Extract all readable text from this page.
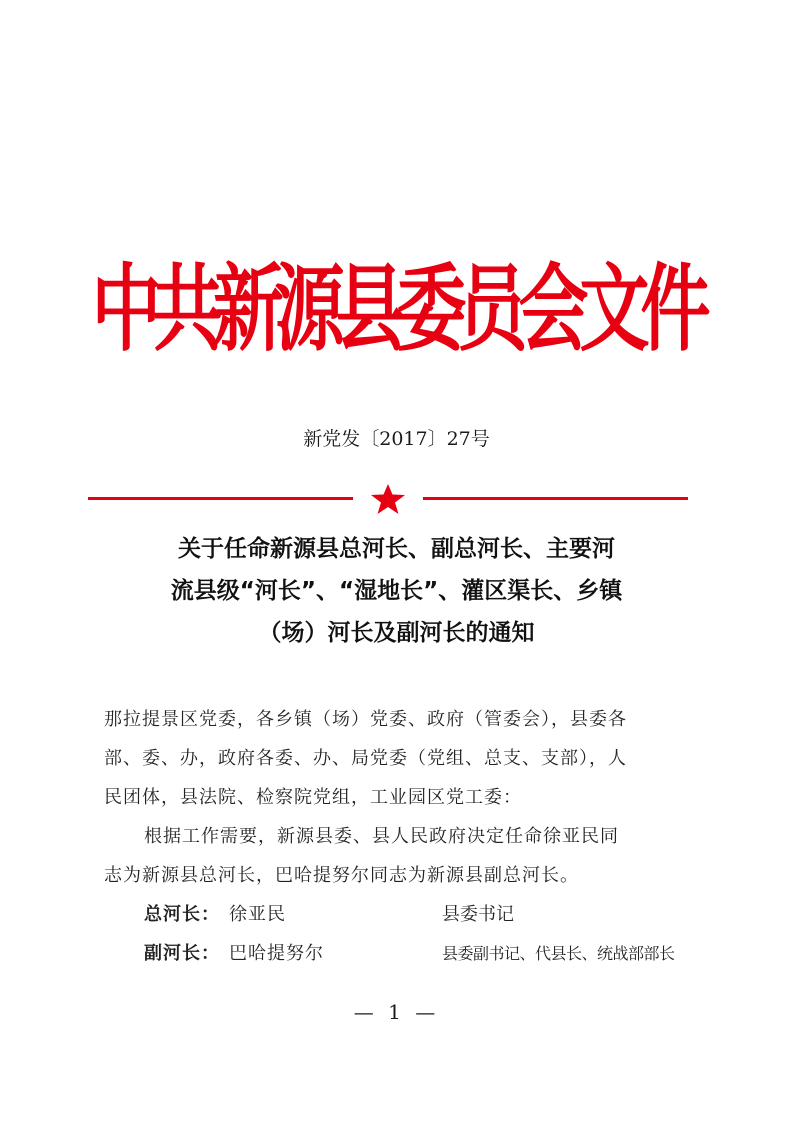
中共新源县委员会文件
新党发〔2017〕27号
关于任命新源县总河长、副总河长、主要河
流县级“河长”、“湿地长”、灌区渠长、乡镇
（场）河长及副河长的通知
那拉提景区党委，各乡镇（场）党委、政府（管委会），县委各
部、委、办，政府各委、办、局党委（党组、总支、支部），人
民团体，县法院、检察院党组，工业园区党工委：
根据工作需要，新源县委、县人民政府决定任命徐亚民同
志为新源县总河长，巴哈提努尔同志为新源县副总河长。
总河长： 徐亚民	县委书记
副河长： 巴哈提努尔	县委副书记、代县长、统战部部长
— 1 —
